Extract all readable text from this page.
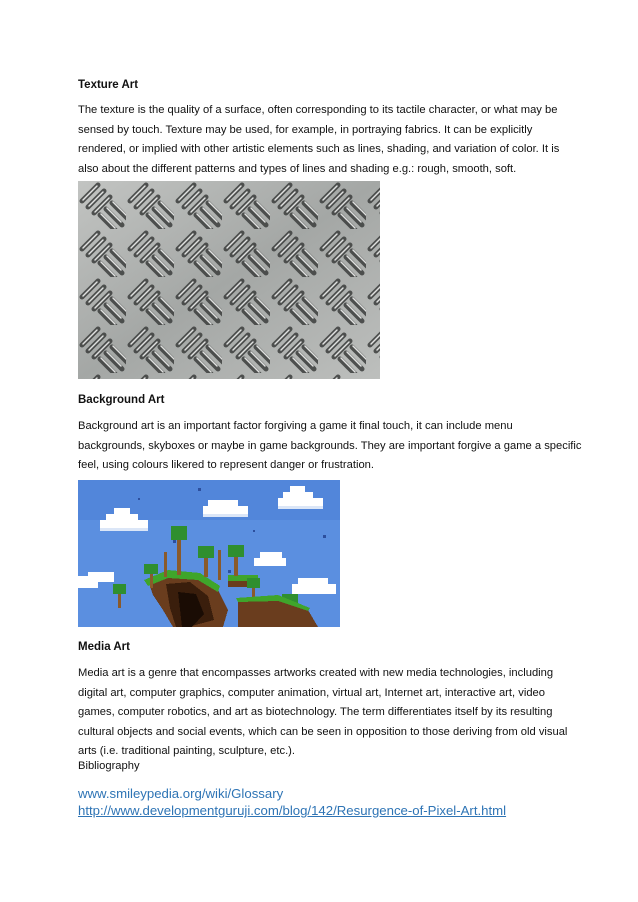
Texture Art

The texture is the quality of a surface, often corresponding to its tactile character, or what may be

sensed by touch. Texture may be used, for example, in portraying fabrics. It can be explicitly

rendered, or implied with other artistic elements such as lines, shading, and variation of color. It is

also about the different patterns and types of lines and shading e.g.: rough, smooth, soft.

Background Art

Background art is an important factor forgiving a game it final touch, it can include menu

backgrounds, skyboxes or maybe in game backgrounds. They are important forgive a game a specific

feel, using colours likered to represent danger or frustration.

Media Art

Media art is a genre that encompasses artworks created with new media technologies, including

digital art, computer graphics, computer animation, virtual art, Internet art, interactive art, video

games, computer robotics, and art as biotechnology. The term differentiates itself by its resulting

cultural objects and social events, which can be seen in opposition to those deriving from old visual

arts (i.e. traditional painting, sculpture, etc.).

Bibliography
www.smileypedia.org/wiki/Glossary
http://www.developmentguruji.com/blog/142/Resurgence-of-Pixel-Art.html
